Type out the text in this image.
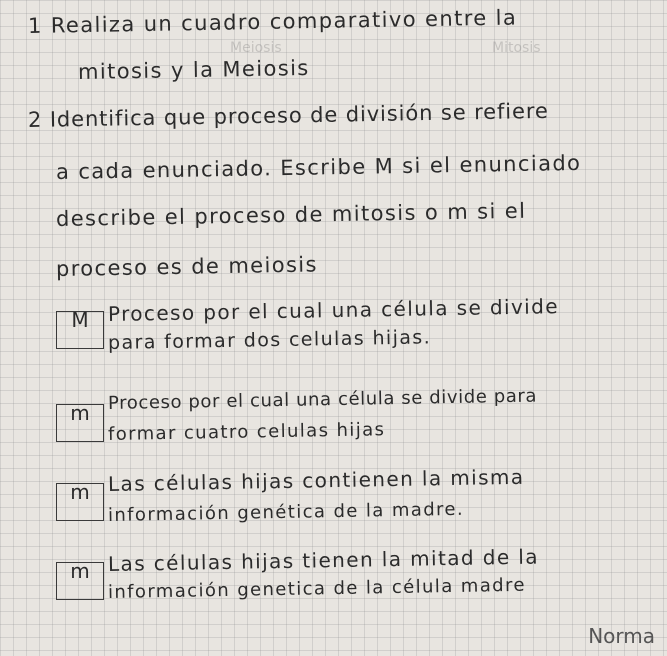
Meiosis	Mitosis
1 Realiza un cuadro comparativo entre la
mitosis y la Meiosis
2 Identifica que proceso de división se refiere
a cada enunciado. Escribe M si el enunciado
describe el proceso de mitosis o m si el
proceso es de meiosis
M Proceso por el cual una célula se divide
para formar dos celulas hijas.
m	Proceso por el cual una célula se divide para
formar cuatro celulas hijas
m Las células hijas contienen la misma
información genética de la madre.
m Las células hijas tienen la mitad de la
información genetica de la célula madre
Norma
